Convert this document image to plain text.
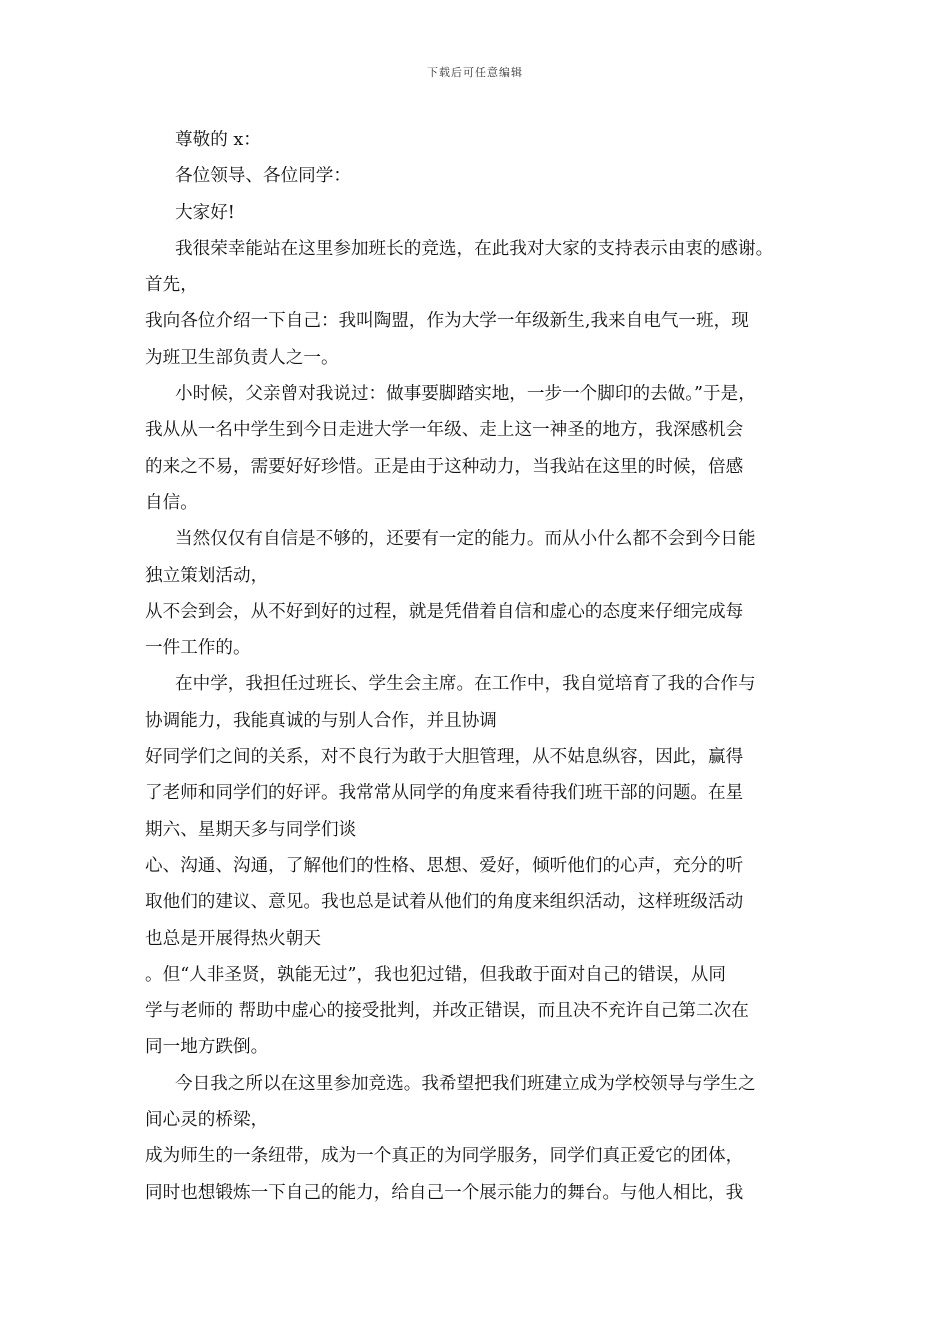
下载后可任意编辑
尊敬的 x：
各位领导、各位同学：
大家好!
我很荣幸能站在这里参加班长的竞选，在此我对大家的支持表示由衷的感谢。
首先，
我向各位介绍一下自己：我叫陶盟，作为大学一年级新生,我来自电气一班，现
为班卫生部负责人之一。
小时候，父亲曾对我说过：做事要脚踏实地，一步一个脚印的去做。”于是，
我从从一名中学生到今日走进大学一年级、走上这一神圣的地方，我深感机会
的来之不易，需要好好珍惜。正是由于这种动力，当我站在这里的时候，倍感
自信。
当然仅仅有自信是不够的，还要有一定的能力。而从小什么都不会到今日能
独立策划活动，
从不会到会，从不好到好的过程，就是凭借着自信和虚心的态度来仔细完成每
一件工作的。
在中学，我担任过班长、学生会主席。在工作中，我自觉培育了我的合作与
协调能力，我能真诚的与别人合作，并且协调
好同学们之间的关系，对不良行为敢于大胆管理，从不姑息纵容，因此，赢得
了老师和同学们的好评。我常常从同学的角度来看待我们班干部的问题。在星
期六、星期天多与同学们谈
心、沟通、沟通，了解他们的性格、思想、爱好，倾听他们的心声，充分的听
取他们的建议、意见。我也总是试着从他们的角度来组织活动，这样班级活动
也总是开展得热火朝天
。但“人非圣贤，孰能无过”，我也犯过错，但我敢于面对自己的错误，从同
学与老师的 帮助中虚心的接受批判，并改正错误，而且决不充许自己第二次在
同一地方跌倒。
今日我之所以在这里参加竞选。我希望把我们班建立成为学校领导与学生之
间心灵的桥梁，
成为师生的一条纽带，成为一个真正的为同学服务，同学们真正爱它的团体，
同时也想锻炼一下自己的能力，给自己一个展示能力的舞台。与他人相比，我
